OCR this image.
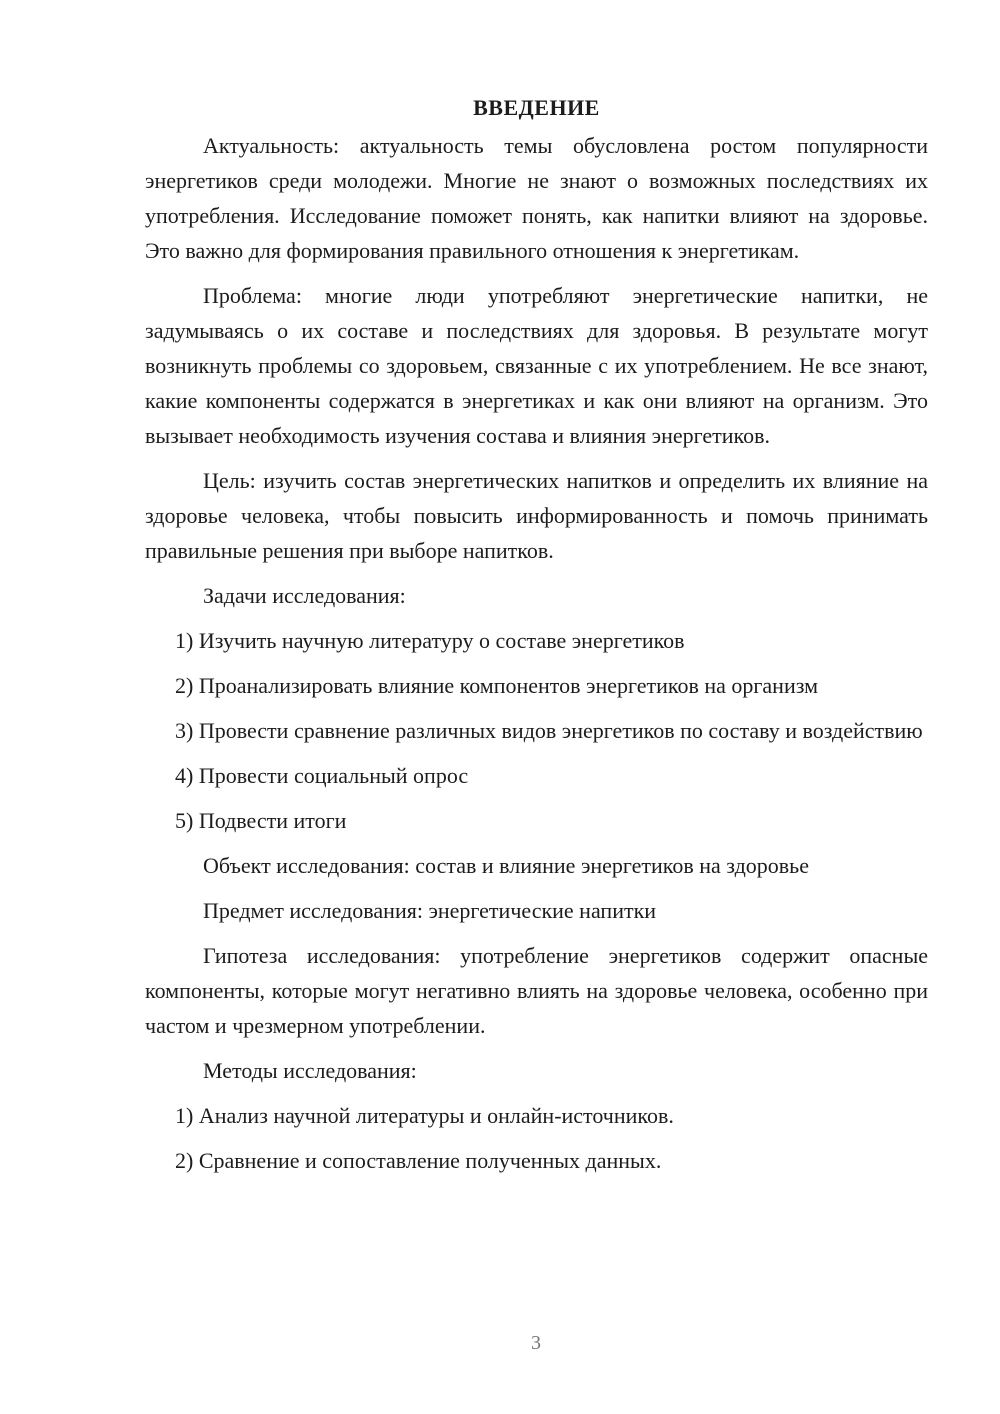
ВВЕДЕНИЕ

Актуальность: актуальность темы обусловлена ростом популярности энергетиков среди молодежи. Многие не знают о возможных последствиях их употребления. Исследование поможет понять, как напитки влияют на здоровье. Это важно для формирования правильного отношения к энергетикам.

Проблема: многие люди употребляют энергетические напитки, не задумываясь о их составе и последствиях для здоровья. В результате могут возникнуть проблемы со здоровьем, связанные с их употреблением. Не все знают, какие компоненты содержатся в энергетиках и как они влияют на организм. Это вызывает необходимость изучения состава и влияния энергетиков.

Цель: изучить состав энергетических напитков и определить их влияние на здоровье человека, чтобы повысить информированность и помочь принимать правильные решения при выборе напитков.

Задачи исследования:

1) Изучить научную литературу о составе энергетиков

2) Проанализировать влияние компонентов энергетиков на организм

3) Провести сравнение различных видов энергетиков по составу и воздействию

4) Провести социальный опрос

5) Подвести итоги

Объект исследования: состав и влияние энергетиков на здоровье

Предмет исследования: энергетические напитки

Гипотеза исследования: употребление энергетиков содержит опасные компоненты, которые могут негативно влиять на здоровье человека, особенно при частом и чрезмерном употреблении.

Методы исследования:

1) Анализ научной литературы и онлайн-источников.

2) Сравнение и сопоставление полученных данных.

3
